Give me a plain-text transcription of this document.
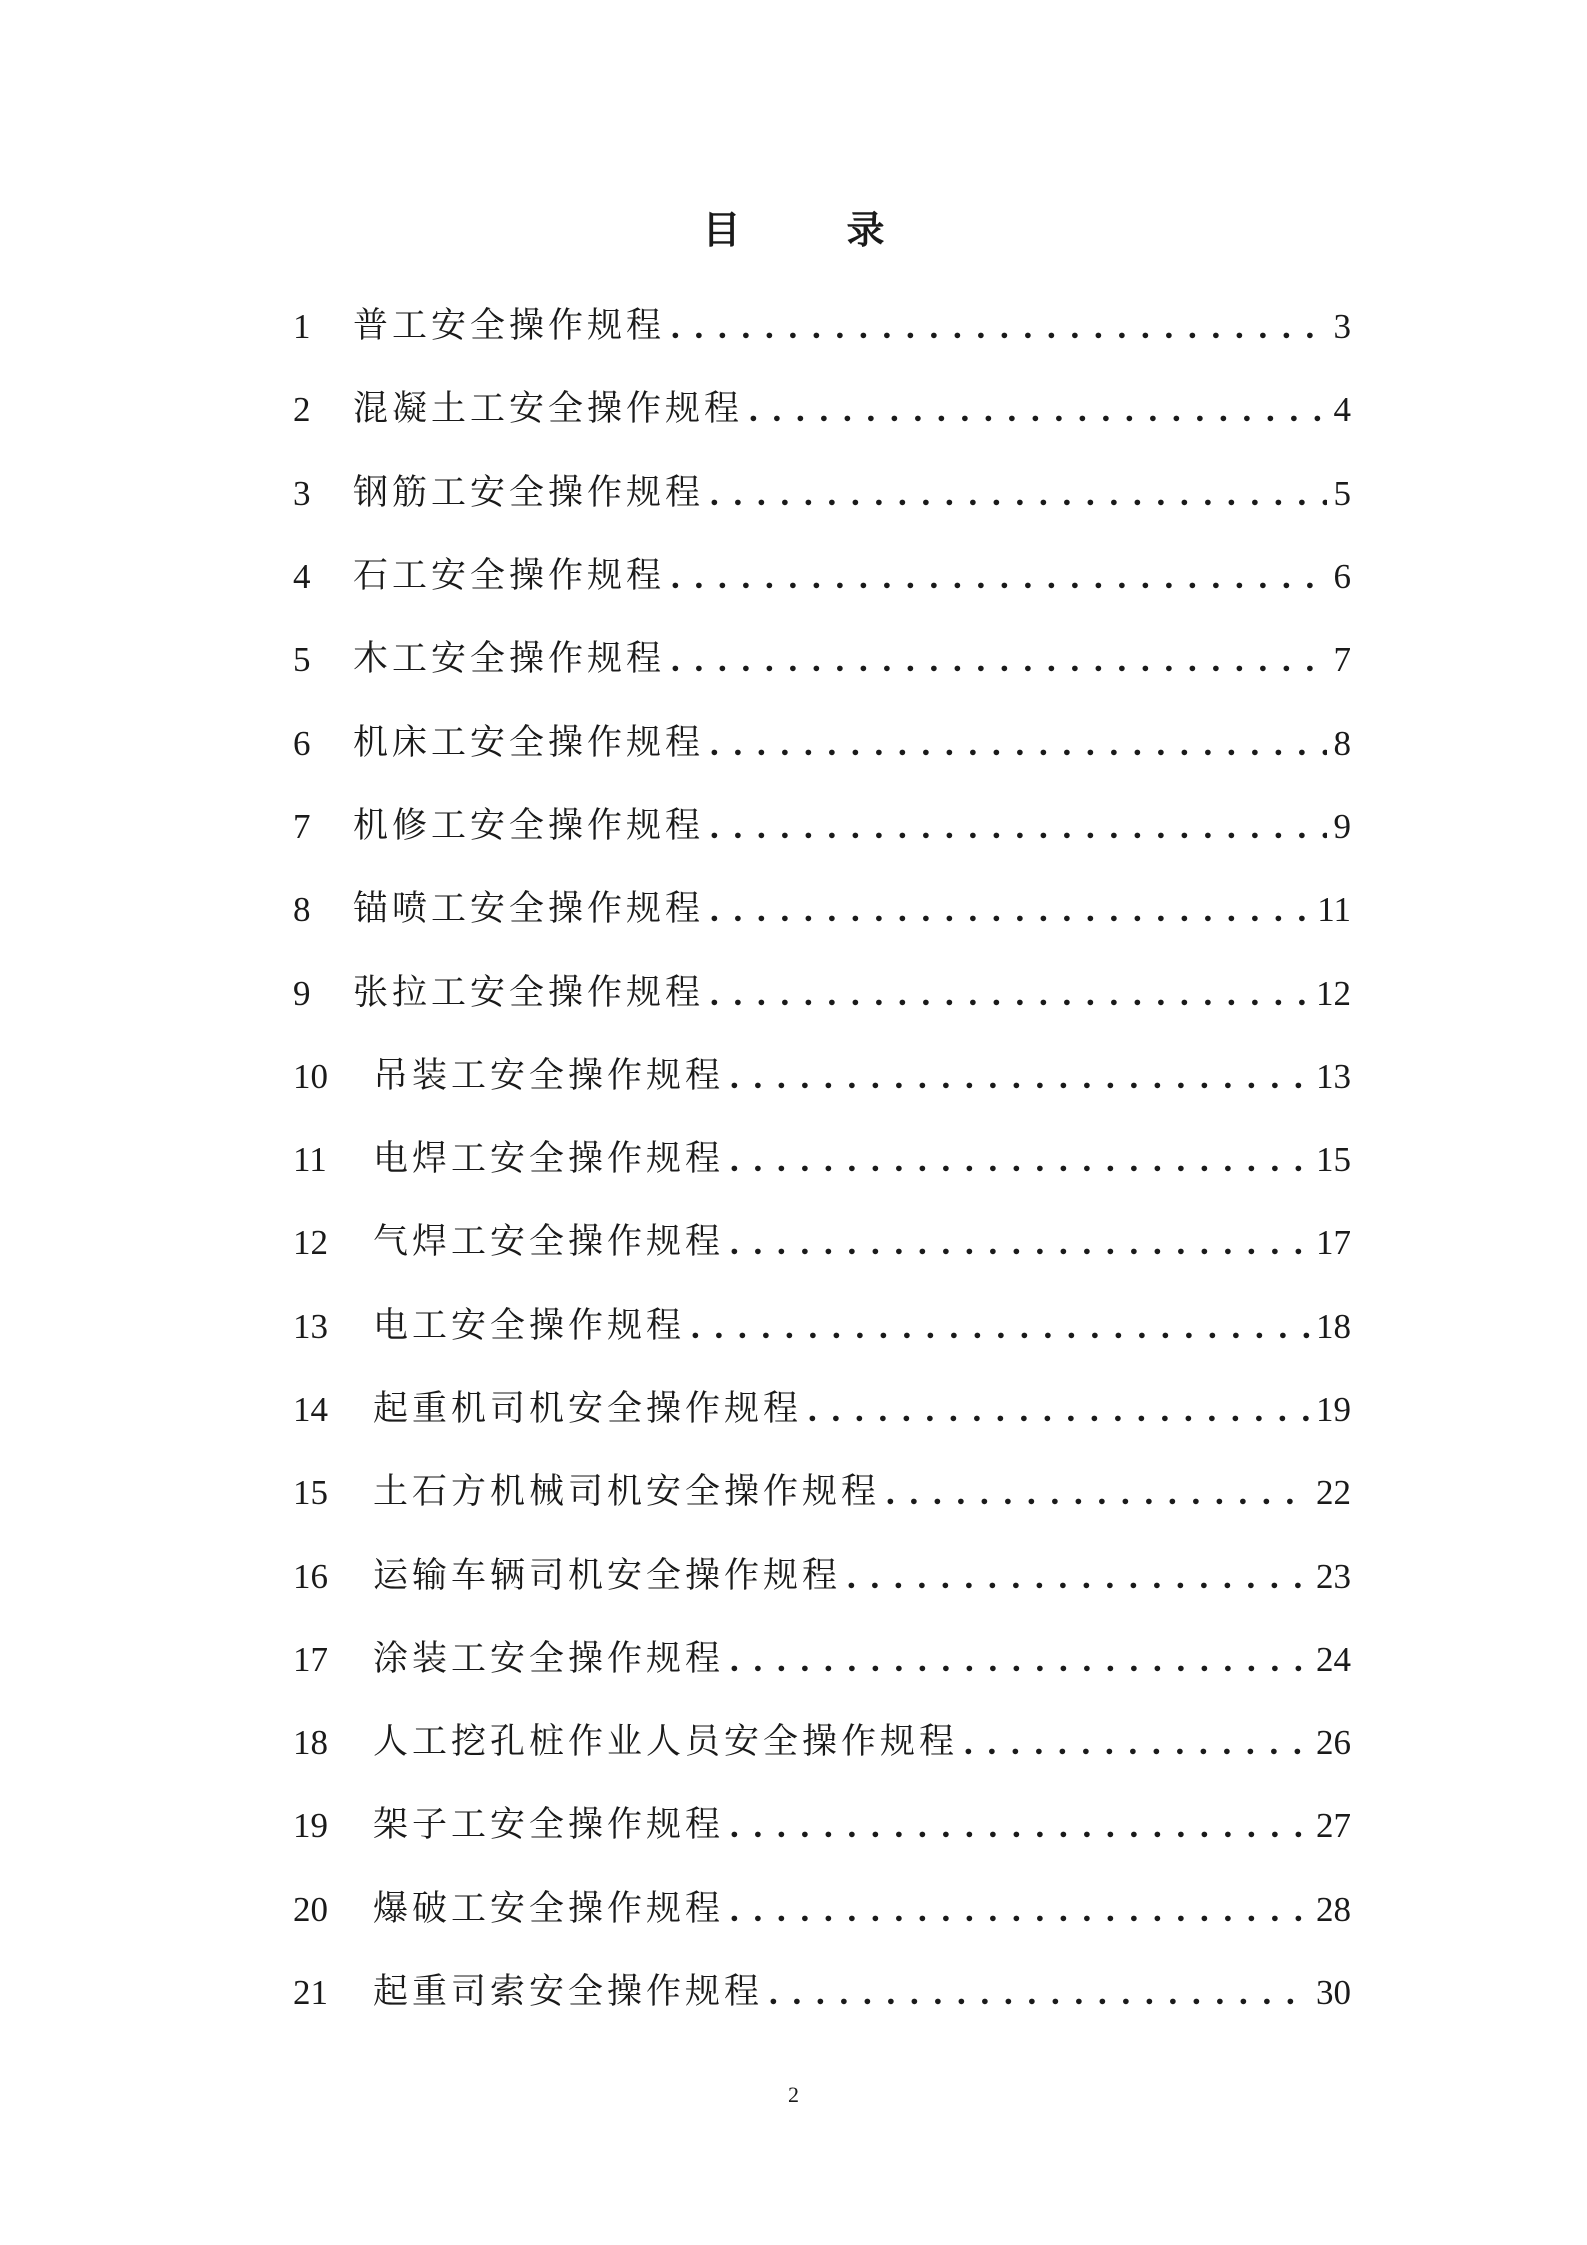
目　录
1	普工安全操作规程 . . .	3
2	混凝土工安全操作规程 . . .	4
3	钢筋工安全操作规程 . . .	5
4	石工安全操作规程 . . .	6
5	木工安全操作规程 . . .	7
6	机床工安全操作规程 . . .	8
7	机修工安全操作规程 . . .	9
8	锚喷工安全操作规程 . . .	11
9	张拉工安全操作规程 . . .	12
10	吊装工安全操作规程 . . .	13
11	电焊工安全操作规程 . . .	15
12	气焊工安全操作规程 . . .	17
13	电工安全操作规程 . . .	18
14	起重机司机安全操作规程 . . .	19
15	土石方机械司机安全操作规程 . . .	22
16	运输车辆司机安全操作规程 . . .	23
17	涂装工安全操作规程 . . .	24
18	人工挖孔桩作业人员安全操作规程 . . .	26
19	架子工安全操作规程 . . .	27
20	爆破工安全操作规程 . . .	28
21	起重司索安全操作规程 . . .	30
2
